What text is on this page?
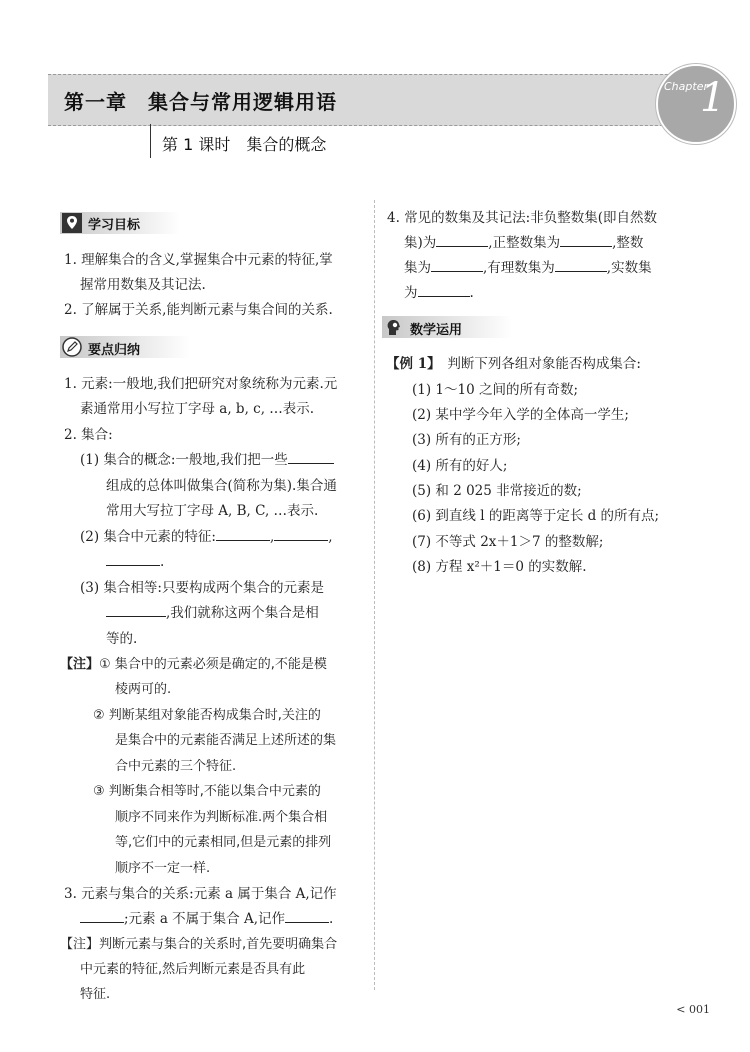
第一章　集合与常用逻辑用语
Chapter
1
第 1 课时　集合的概念
学习目标
1. 理解集合的含义,掌握集合中元素的特征,掌
握常用数集及其记法.
2. 了解属于关系,能判断元素与集合间的关系.
要点归纳
1. 元素:一般地,我们把研究对象统称为元素.元
素通常用小写拉丁字母 a, b, c, …表示.
2. 集合:
(1) 集合的概念:一般地,我们把一些
组成的总体叫做集合(简称为集).集合通
常用大写拉丁字母 A, B, C, …表示.
(2) 集合中元素的特征:	,	,
.
(3) 集合相等:只要构成两个集合的元素是
,我们就称这两个集合是相
等的.
【注】① 集合中的元素必须是确定的,不能是模
棱两可的.
② 判断某组对象能否构成集合时,关注的
是集合中的元素能否满足上述所述的集
合中元素的三个特征.
③ 判断集合相等时,不能以集合中元素的
顺序不同来作为判断标准.两个集合相
等,它们中的元素相同,但是元素的排列
顺序不一定一样.
3. 元素与集合的关系:元素 a 属于集合 A,记作
;元素 a 不属于集合 A,记作	.
【注】判断元素与集合的关系时,首先要明确集合
中元素的特征,然后判断元素是否具有此
特征.
4. 常见的数集及其记法:非负整数集(即自然数
集)为	,正整数集为	,整数
集为	,有理数集为	,实数集
为	.
数学运用
【例 1】　 判断下列各组对象能否构成集合:
(1) 1～10 之间的所有奇数;
(2) 某中学今年入学的全体高一学生;
(3) 所有的正方形;
(4) 所有的好人;
(5) 和 2 025 非常接近的数;
(6) 到直线 l 的距离等于定长 d 的所有点;
(7) 不等式 2x＋1＞7 的整数解;
(8) 方程 x²＋1＝0 的实数解.
< 001
